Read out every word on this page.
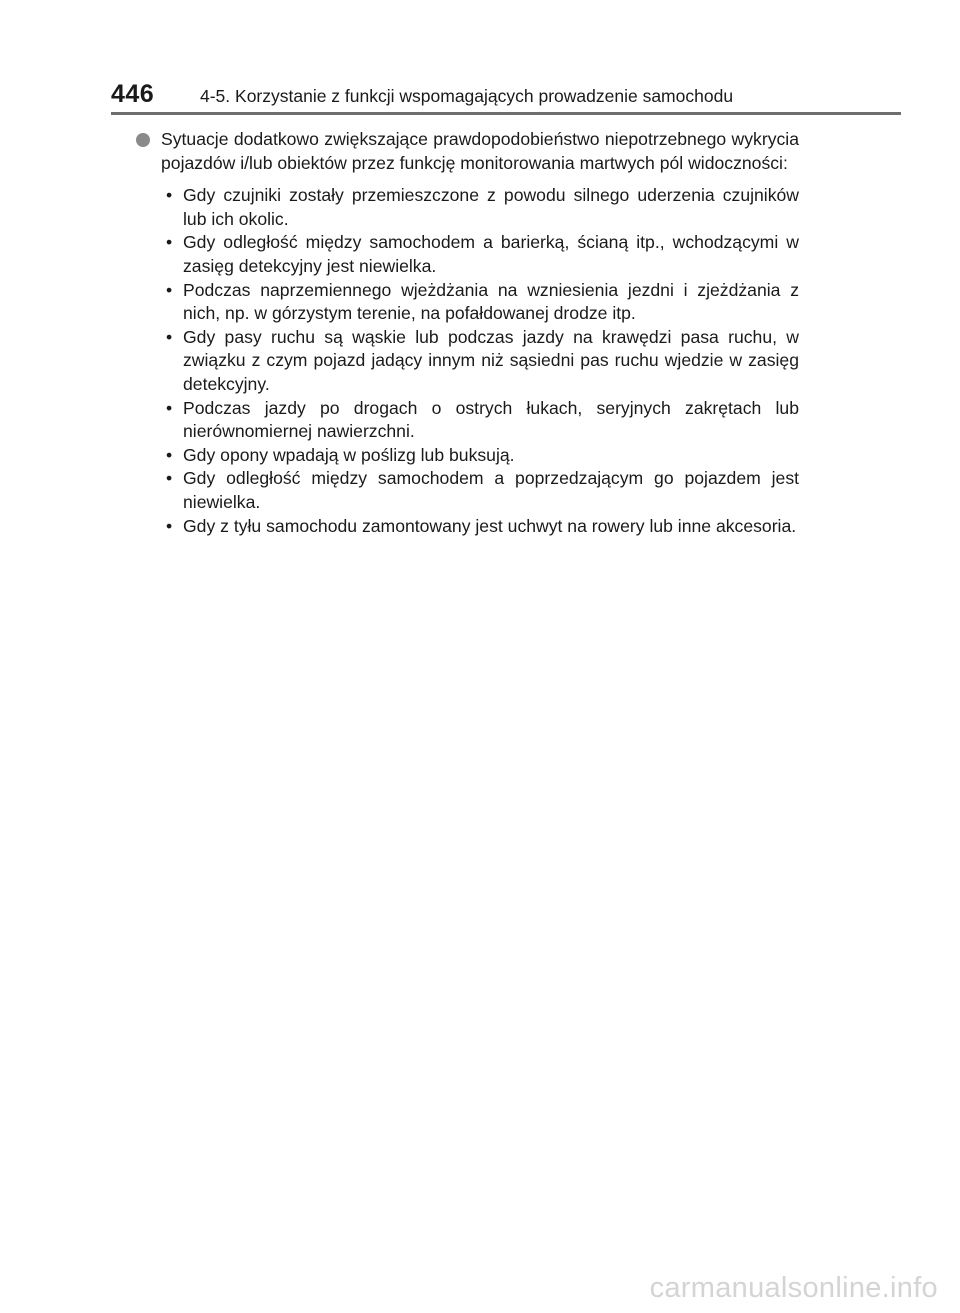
446	4-5. Korzystanie z funkcji wspomagających prowadzenie samochodu

Sytuacje dodatkowo zwiększające prawdopodobieństwo niepotrzebnego wykrycia pojazdów i/lub obiektów przez funkcję monitorowania martwych pól widoczności:

• Gdy czujniki zostały przemieszczone z powodu silnego uderzenia czujników lub ich okolic.
• Gdy odległość między samochodem a barierką, ścianą itp., wchodzącymi w zasięg detekcyjny jest niewielka.
• Podczas naprzemiennego wjeżdżania na wzniesienia jezdni i zjeżdżania z nich, np. w górzystym terenie, na pofałdowanej drodze itp.
• Gdy pasy ruchu są wąskie lub podczas jazdy na krawędzi pasa ruchu, w związku z czym pojazd jadący innym niż sąsiedni pas ruchu wjedzie w zasięg detekcyjny.
• Podczas jazdy po drogach o ostrych łukach, seryjnych zakrętach lub nierównomiernej nawierzchni.
• Gdy opony wpadają w poślizg lub buksują.
• Gdy odległość między samochodem a poprzedzającym go pojazdem jest niewielka.
• Gdy z tyłu samochodu zamontowany jest uchwyt na rowery lub inne akcesoria.
carmanualsonline.info
